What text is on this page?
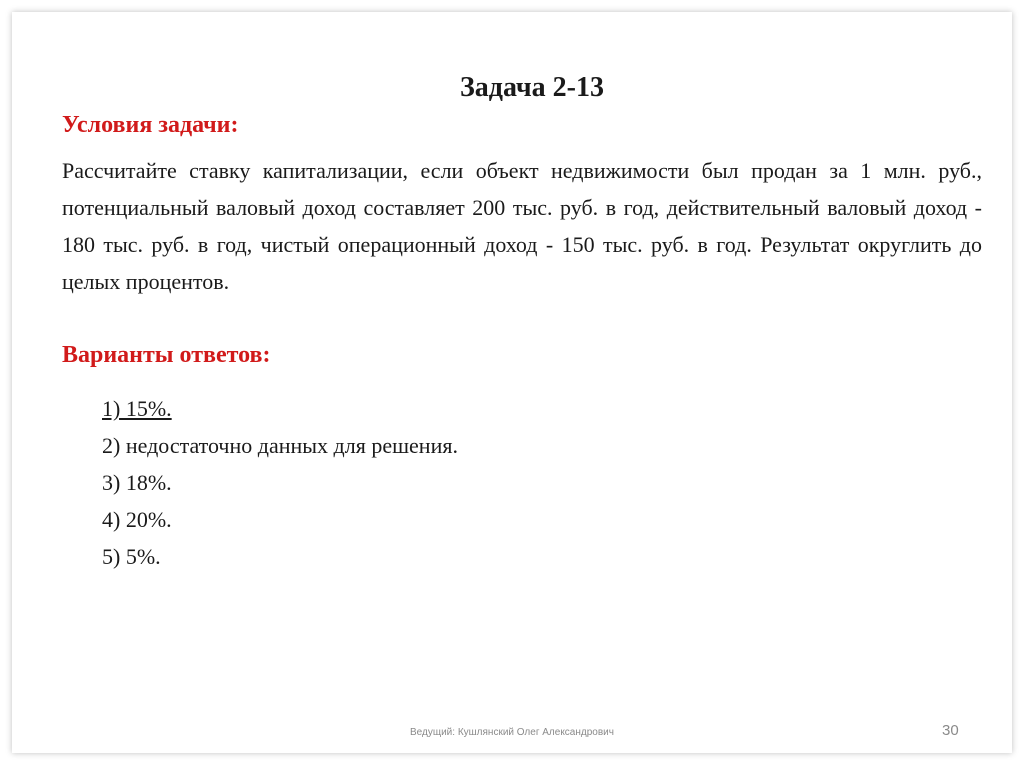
Задача 2-13
Условия задачи:

Рассчитайте ставку капитализации, если объект недвижимости был продан за 1 млн. руб., потенциальный валовый доход составляет 200 тыс. руб. в год, действительный валовый доход - 180 тыс. руб. в год, чистый операционный доход - 150 тыс. руб. в год. Результат округлить до целых процентов.

Варианты ответов:
1) 15%.
2) недостаточно данных для решения.
3) 18%.
4) 20%.
5) 5%.
Ведущий: Кушлянский Олег Александрович	30
